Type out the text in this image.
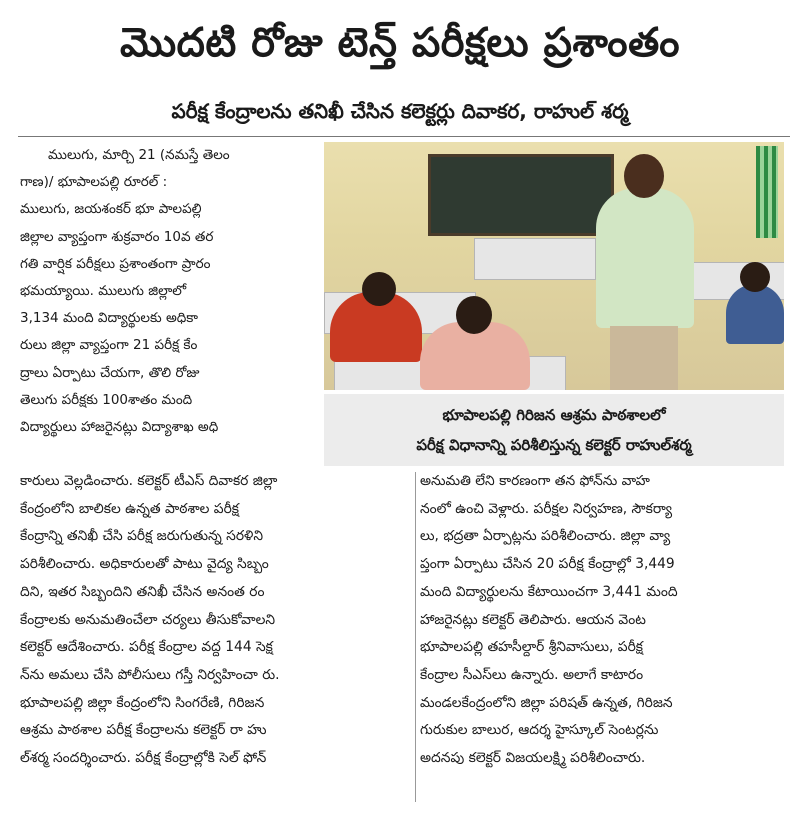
మొదటి రోజు టెన్త్ పరీక్షలు ప్రశాంతం
పరీక్ష కేంద్రాలను తనిఖీ చేసిన కలెక్టర్లు దివాకర, రాహుల్ శర్మ

ములుగు, మార్చి 21 (నమస్తే తెలం

గాణ)/ భూపాలపల్లి రూరల్ :

ములుగు, జయశంకర్ భూ పాలపల్లి

జిల్లాల వ్యాప్తంగా శుక్రవారం 10వ తర

గతి వార్షిక పరీక్షలు ప్రశాంతంగా ప్రారం

భమయ్యాయి. ములుగు జిల్లాలో

3,134 మంది విద్యార్థులకు అధికా

రులు జిల్లా వ్యాప్తంగా 21 పరీక్ష కేం

ద్రాలు ఏర్పాటు చేయగా, తొలి రోజు

తెలుగు పరీక్షకు 100శాతం మంది

విద్యార్థులు హాజరైనట్లు విద్యాశాఖ అధి

భూపాలపల్లి గిరిజన ఆశ్రమ పాఠశాలలో
పరీక్ష విధానాన్ని పరిశీలిస్తున్న కలెక్టర్ రాహుల్‌శర్మ

కారులు వెల్లడించారు. కలెక్టర్ టీఎస్ దివాకర జిల్లా

కేంద్రంలోని బాలికల ఉన్నత పాఠశాల పరీక్ష

కేంద్రాన్ని తనిఖీ చేసి పరీక్ష జరుగుతున్న సరళిని

పరిశీలించారు. అధికారులతో పాటు వైద్య సిబ్బం

దిని, ఇతర సిబ్బందిని తనిఖీ చేసిన అనంత రం

కేంద్రాలకు అనుమతించేలా చర్యలు తీసుకోవాలని

కలెక్టర్ ఆదేశించారు. పరీక్ష కేంద్రాల వద్ద 144 సెక్ష

న్‌ను అమలు చేసి పోలీసులు గస్తీ నిర్వహించా రు.

భూపాలపల్లి జిల్లా కేంద్రంలోని సింగరేణి, గిరిజన

ఆశ్రమ పాఠశాల పరీక్ష కేంద్రాలను కలెక్టర్ రా హు

ల్‌శర్మ సందర్శించారు. పరీక్ష కేంద్రాల్లోకి సెల్ ఫోన్

అనుమతి లేని కారణంగా తన ఫోన్‌ను వాహ

నంలో ఉంచి వెళ్లారు. పరీక్షల నిర్వహణ, సౌకర్యా

లు, భద్రతా ఏర్పాట్లను పరిశీలించారు. జిల్లా వ్యా

ప్తంగా ఏర్పాటు చేసిన 20 పరీక్ష కేంద్రాల్లో 3,449

మంది విద్యార్థులను కేటాయించగా 3,441 మంది

హాజరైనట్లు కలెక్టర్ తెలిపారు. ఆయన వెంట

భూపాలపల్లి తహసీల్దార్ శ్రీనివాసులు, పరీక్ష

కేంద్రాల సీఎస్‌లు ఉన్నారు. అలాగే కాటారం

మండలకేంద్రంలోని జిల్లా పరిషత్ ఉన్నత, గిరిజన

గురుకుల బాలుర, ఆదర్శ హైస్కూల్ సెంటర్లను

అదనపు కలెక్టర్ విజయలక్ష్మి పరిశీలించారు.
